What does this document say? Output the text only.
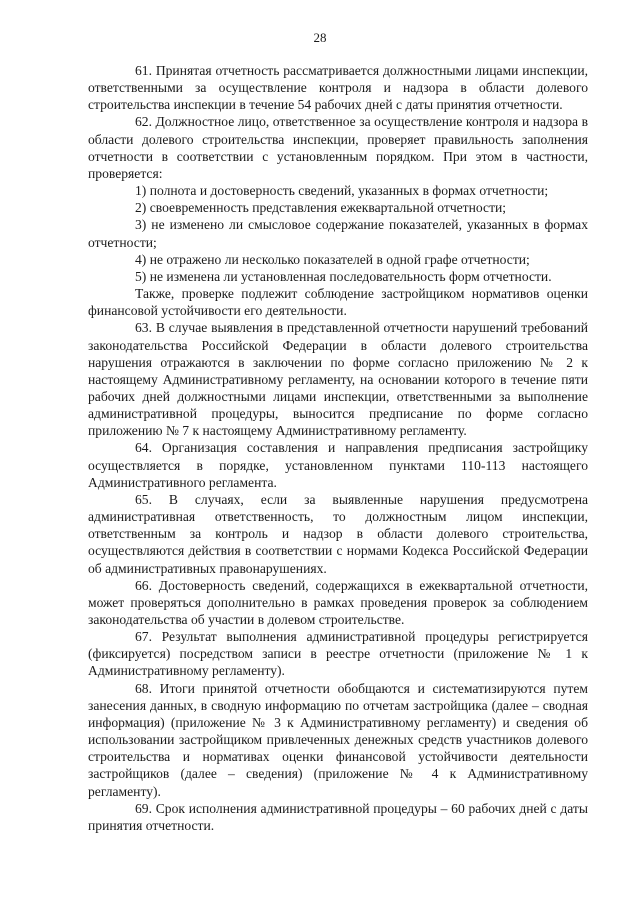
28

61. Принятая отчетность рассматривается должностными лицами инспекции, ответственными за осуществление контроля и надзора в области долевого строительства инспекции в течение 54 рабочих дней с даты принятия отчетности.

62. Должностное лицо, ответственное за осуществление контроля и надзора в области долевого строительства инспекции, проверяет правильность заполнения отчетности в соответствии с установленным порядком. При этом в частности, проверяется:

1) полнота и достоверность сведений, указанных в формах отчетности;

2) своевременность представления ежеквартальной отчетности;

3) не изменено ли смысловое содержание показателей, указанных в формах отчетности;

4) не отражено ли несколько показателей в одной графе отчетности;

5) не изменена ли установленная последовательность форм отчетности.

Также, проверке подлежит соблюдение застройщиком нормативов оценки финансовой устойчивости его деятельности.

63. В случае выявления в представленной отчетности нарушений требований законодательства Российской Федерации в области долевого строительства нарушения отражаются в заключении по форме согласно приложению № 2 к настоящему Административному регламенту, на основании которого в течение пяти рабочих дней должностными лицами инспекции, ответственными за выполнение административной процедуры, выносится предписание по форме согласно приложению № 7 к настоящему Административному регламенту.

64. Организация составления и направления предписания застройщику осуществляется в порядке, установленном пунктами 110-113 настоящего Административного регламента.

65. В случаях, если за выявленные нарушения предусмотрена административная ответственность, то должностным лицом инспекции, ответственным за контроль и надзор в области долевого строительства, осуществляются действия в соответствии с нормами Кодекса Российской Федерации об административных правонарушениях.

66. Достоверность сведений, содержащихся в ежеквартальной отчетности, может проверяться дополнительно в рамках проведения проверок за соблюдением законодательства об участии в долевом строительстве.

67. Результат выполнения административной процедуры регистрируется (фиксируется) посредством записи в реестре отчетности (приложение № 1 к Административному регламенту).

68. Итоги принятой отчетности обобщаются и систематизируются путем занесения данных, в сводную информацию по отчетам застройщика (далее – сводная информация) (приложение № 3 к Административному регламенту) и сведения об использовании застройщиком привлеченных денежных средств участников долевого строительства и нормативах оценки финансовой устойчивости деятельности застройщиков (далее – сведения) (приложение № 4 к Административному регламенту).

69. Срок исполнения административной процедуры – 60 рабочих дней с даты принятия отчетности.
